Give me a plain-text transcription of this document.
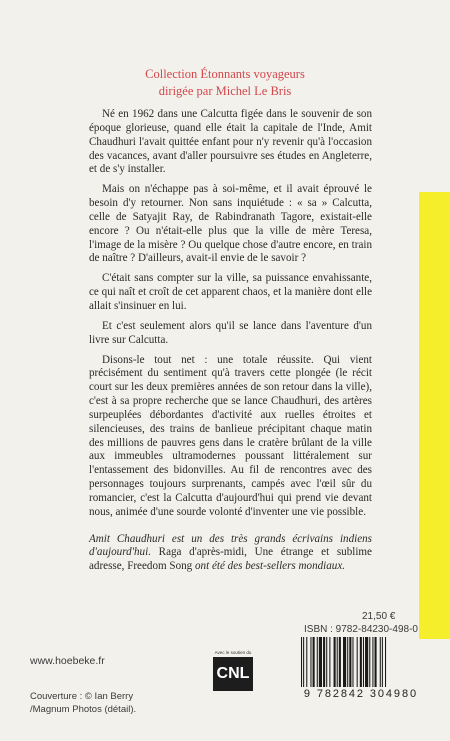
Collection Étonnants voyageurs
dirigée par Michel Le Bris

Né en 1962 dans une Calcutta figée dans le souvenir de son époque glorieuse, quand elle était la capitale de l'Inde, Amit Chaudhuri l'avait quittée enfant pour n'y revenir qu'à l'occasion des vacances, avant d'aller poursuivre ses études en Angleterre, et de s'y installer.

Mais on n'échappe pas à soi-même, et il avait éprouvé le besoin d'y retourner. Non sans inquiétude : « sa » Calcutta, celle de Satyajit Ray, de Rabindranath Tagore, existait-elle encore ? Ou n'était-elle plus que la ville de mère Teresa, l'image de la misère ? Ou quelque chose d'autre encore, en train de naître ? D'ailleurs, avait-il envie de le savoir ?

C'était sans compter sur la ville, sa puissance envahissante, ce qui naît et croît de cet apparent chaos, et la manière dont elle allait s'insinuer en lui.

Et c'est seulement alors qu'il se lance dans l'aventure d'un livre sur Calcutta.

Disons-le tout net : une totale réussite. Qui vient précisément du sentiment qu'à travers cette plongée (le récit court sur les deux premières années de son retour dans la ville), c'est à sa propre recherche que se lance Chaudhuri, des artères surpeuplées débordantes d'activité aux ruelles étroites et silencieuses, des trains de banlieue précipitant chaque matin des millions de pauvres gens dans le cratère brûlant de la ville aux immeubles ultramodernes poussant littéralement sur l'entassement des bidonvilles. Au fil de rencontres avec des personnages toujours surprenants, campés avec l'œil sûr du romancier, c'est la Calcutta d'aujourd'hui qui prend vie devant nous, animée d'une sourde volonté d'inventer une vie possible.

Amit Chaudhuri est un des très grands écrivains indiens d'aujourd'hui. Raga d'après-midi, Une étrange et sublime adresse, Freedom Song ont été des best-sellers mondiaux.

21,50 €
ISBN : 9782-84230-498-0
www.hoebeke.fr
Couverture : © Ian Berry
/Magnum Photos (détail).
Avec le soutien du
CNL
9 782842 304980
